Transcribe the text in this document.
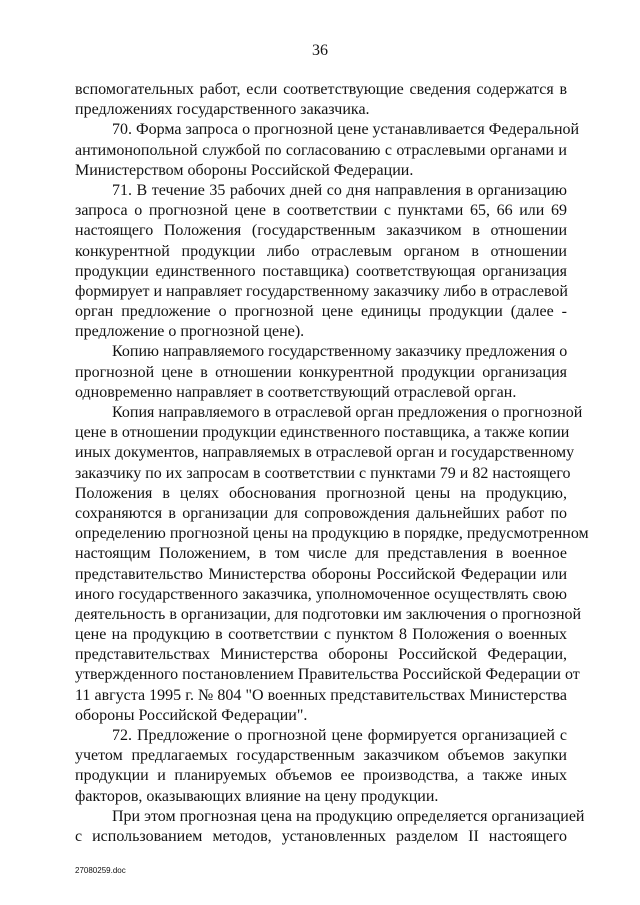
36
вспомогательных работ, если соответствующие сведения содержатся в
предложениях государственного заказчика.
70. Форма запроса о прогнозной цене устанавливается Федеральной
антимонопольной службой по согласованию с отраслевыми органами и
Министерством обороны Российской Федерации.
71. В течение 35 рабочих дней со дня направления в организацию
запроса о прогнозной цене в соответствии с пунктами 65, 66 или 69
настоящего Положения (государственным заказчиком в отношении
конкурентной продукции либо отраслевым органом в отношении
продукции единственного поставщика) соответствующая организация
формирует и направляет государственному заказчику либо в отраслевой
орган предложение о прогнозной цене единицы продукции (далее -
предложение о прогнозной цене).
Копию направляемого государственному заказчику предложения о
прогнозной цене в отношении конкурентной продукции организация
одновременно направляет в соответствующий отраслевой орган.
Копия направляемого в отраслевой орган предложения о прогнозной
цене в отношении продукции единственного поставщика, а также копии
иных документов, направляемых в отраслевой орган и государственному
заказчику по их запросам в соответствии с пунктами 79 и 82 настоящего
Положения в целях обоснования прогнозной цены на продукцию,
сохраняются в организации для сопровождения дальнейших работ по
определению прогнозной цены на продукцию в порядке, предусмотренном
настоящим Положением, в том числе для представления в военное
представительство Министерства обороны Российской Федерации или
иного государственного заказчика, уполномоченное осуществлять свою
деятельность в организации, для подготовки им заключения о прогнозной
цене на продукцию в соответствии с пунктом 8 Положения о военных
представительствах Министерства обороны Российской Федерации,
утвержденного постановлением Правительства Российской Федерации от
11 августа 1995 г. № 804 "О военных представительствах Министерства
обороны Российской Федерации".
72. Предложение о прогнозной цене формируется организацией с
учетом предлагаемых государственным заказчиком объемов закупки
продукции и планируемых объемов ее производства, а также иных
факторов, оказывающих влияние на цену продукции.
При этом прогнозная цена на продукцию определяется организацией
с использованием методов, установленных разделом II настоящего
27080259.doc
